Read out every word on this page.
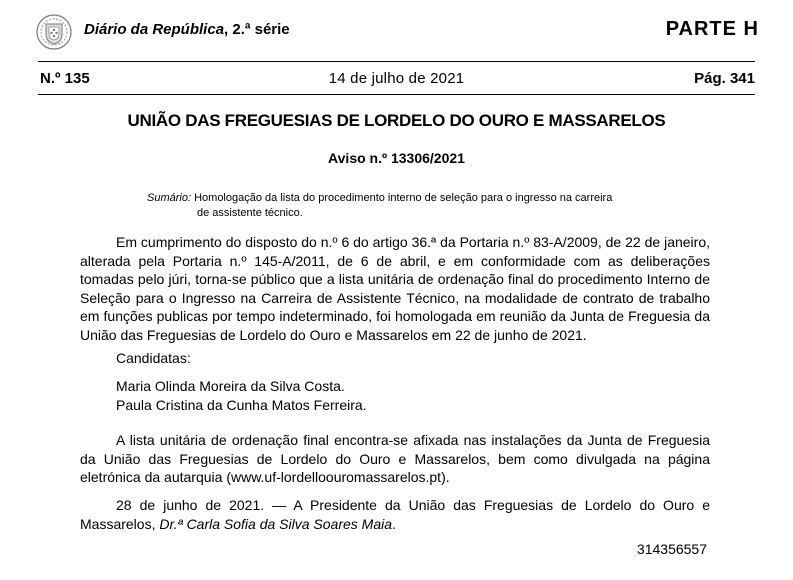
Diário da República, 2.ª série	PARTE H
14 de julho de 2021
N.º 135	Pág. 341
UNIÃO DAS FREGUESIAS DE LORDELO DO OURO E MASSARELOS
Aviso n.º 13306/2021
Sumário: Homologação da lista do procedimento interno de seleção para o ingresso na carreira
de assistente técnico.
Em cumprimento do disposto do n.º 6 do artigo 36.ª da Portaria n.º 83-A/2009, de 22 de janeiro, alterada pela Portaria n.º 145-A/2011, de 6 de abril, e em conformidade com as deliberações tomadas pelo júri, torna-se público que a lista unitária de ordenação final do procedimento Interno de Seleção para o Ingresso na Carreira de Assistente Técnico, na modalidade de contrato de trabalho em funções publicas por tempo indeterminado, foi homologada em reunião da Junta de Freguesia da União das Freguesias de Lordelo do Ouro e Massarelos em 22 de junho de 2021.
Candidatas:
Maria Olinda Moreira da Silva Costa.
Paula Cristina da Cunha Matos Ferreira.
A lista unitária de ordenação final encontra-se afixada nas instalações da Junta de Freguesia da União das Freguesias de Lordelo do Ouro e Massarelos, bem como divulgada na página eletrónica da autarquia (www.uf-lordelloouromassarelos.pt).
28 de junho de 2021. — A Presidente da União das Freguesias de Lordelo do Ouro e Massarelos, Dr.ª Carla Sofia da Silva Soares Maia.
314356557
